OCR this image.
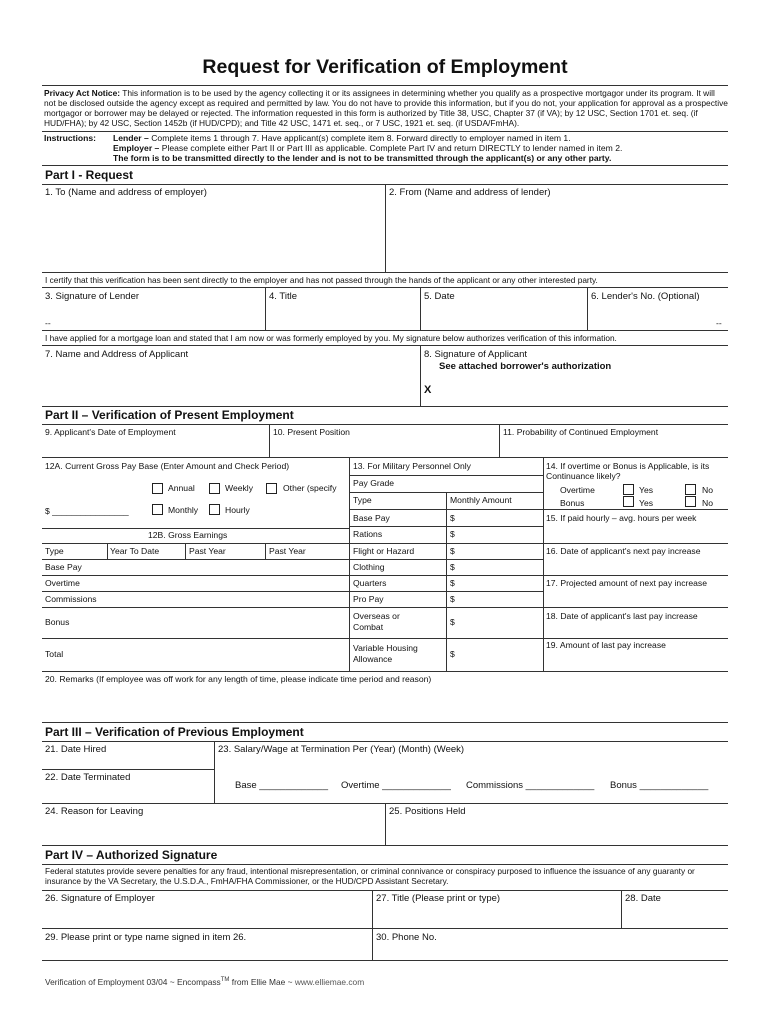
Request for Verification of Employment
Privacy Act Notice: This information is to be used by the agency collecting it or its assignees in determining whether you qualify as a prospective mortgagor under its program. It will not be disclosed outside the agency except as required and permitted by law. You do not have to provide this information, but if you do not, your application for approval as a prospective mortgagor or borrower may be delayed or rejected. The information requested in this form is authorized by Title 38, USC, Chapter 37 (if VA); by 12 USC, Section 1701 et. seq. (if HUD/FHA); by 42 USC, Section 1452b (if HUD/CPD); and Title 42 USC, 1471 et. seq., or 7 USC, 1921 et. seq. (if USDA/FmHA).
Instructions: Lender – Complete items 1 through 7. Have applicant(s) complete item 8. Forward directly to employer named in item 1.
Employer – Please complete either Part II or Part III as applicable. Complete Part IV and return DIRECTLY to lender named in item 2.
The form is to be transmitted directly to the lender and is not to be transmitted through the applicant(s) or any other party.
Part I - Request
1. To (Name and address of employer)	2. From (Name and address of lender)
I certify that this verification has been sent directly to the employer and has not passed through the hands of the applicant or any other interested party.
3. Signature of Lender	4. Title	5. Date	6. Lender's No. (Optional)
--	--
I have applied for a mortgage loan and stated that I am now or was formerly employed by you. My signature below authorizes verification of this information.
7. Name and Address of Applicant	8. Signature of Applicant
See attached borrower's authorization
X
Part II – Verification of Present Employment
9. Applicant's Date of Employment	10. Present Position	11. Probability of Continued Employment
12A. Current Gross Pay Base (Enter Amount and Check Period)
Annual	Weekly	Other (specify
$ ________________	Monthly	Hourly
12B. Gross Earnings
Type	Year To Date	Past Year	Past Year
Base Pay
Overtime
Commissions
Bonus
Total
13. For Military Personnel Only
Pay Grade
Type	Monthly Amount
Base Pay	$
Rations	$
Flight or Hazard	$
Clothing	$
Quarters	$
Pro Pay	$
Overseas or
Combat	$
Variable Housing
Allowance	$
14. If overtime or Bonus is Applicable, is its
Continuance likely?
Overtime	Yes	No
Bonus	Yes	No
15. If paid hourly – avg. hours per week
16. Date of applicant's next pay increase
17. Projected amount of next pay increase
18. Date of applicant's last pay increase
19. Amount of last pay increase
20. Remarks (If employee was off work for any length of time, please indicate time period and reason)
Part III – Verification of Previous Employment
21. Date Hired	23. Salary/Wage at Termination Per (Year) (Month) (Week)
22. Date Terminated
Base _____________ Overtime _____________ Commissions _____________ Bonus _____________
24. Reason for Leaving	25. Positions Held
Part IV – Authorized Signature
Federal statutes provide severe penalties for any fraud, intentional misrepresentation, or criminal connivance or conspiracy purposed to influence the issuance of any guaranty or insurance by the VA Secretary, the U.S.D.A., FmHA/FHA Commissioner, or the HUD/CPD Assistant Secretary.
26. Signature of Employer	27. Title (Please print or type)	28. Date
29. Please print or type name signed in item 26.	30. Phone No.
Verification of Employment 03/04 ~ Encompass™ from Ellie Mae ~ www.elliemae.com
